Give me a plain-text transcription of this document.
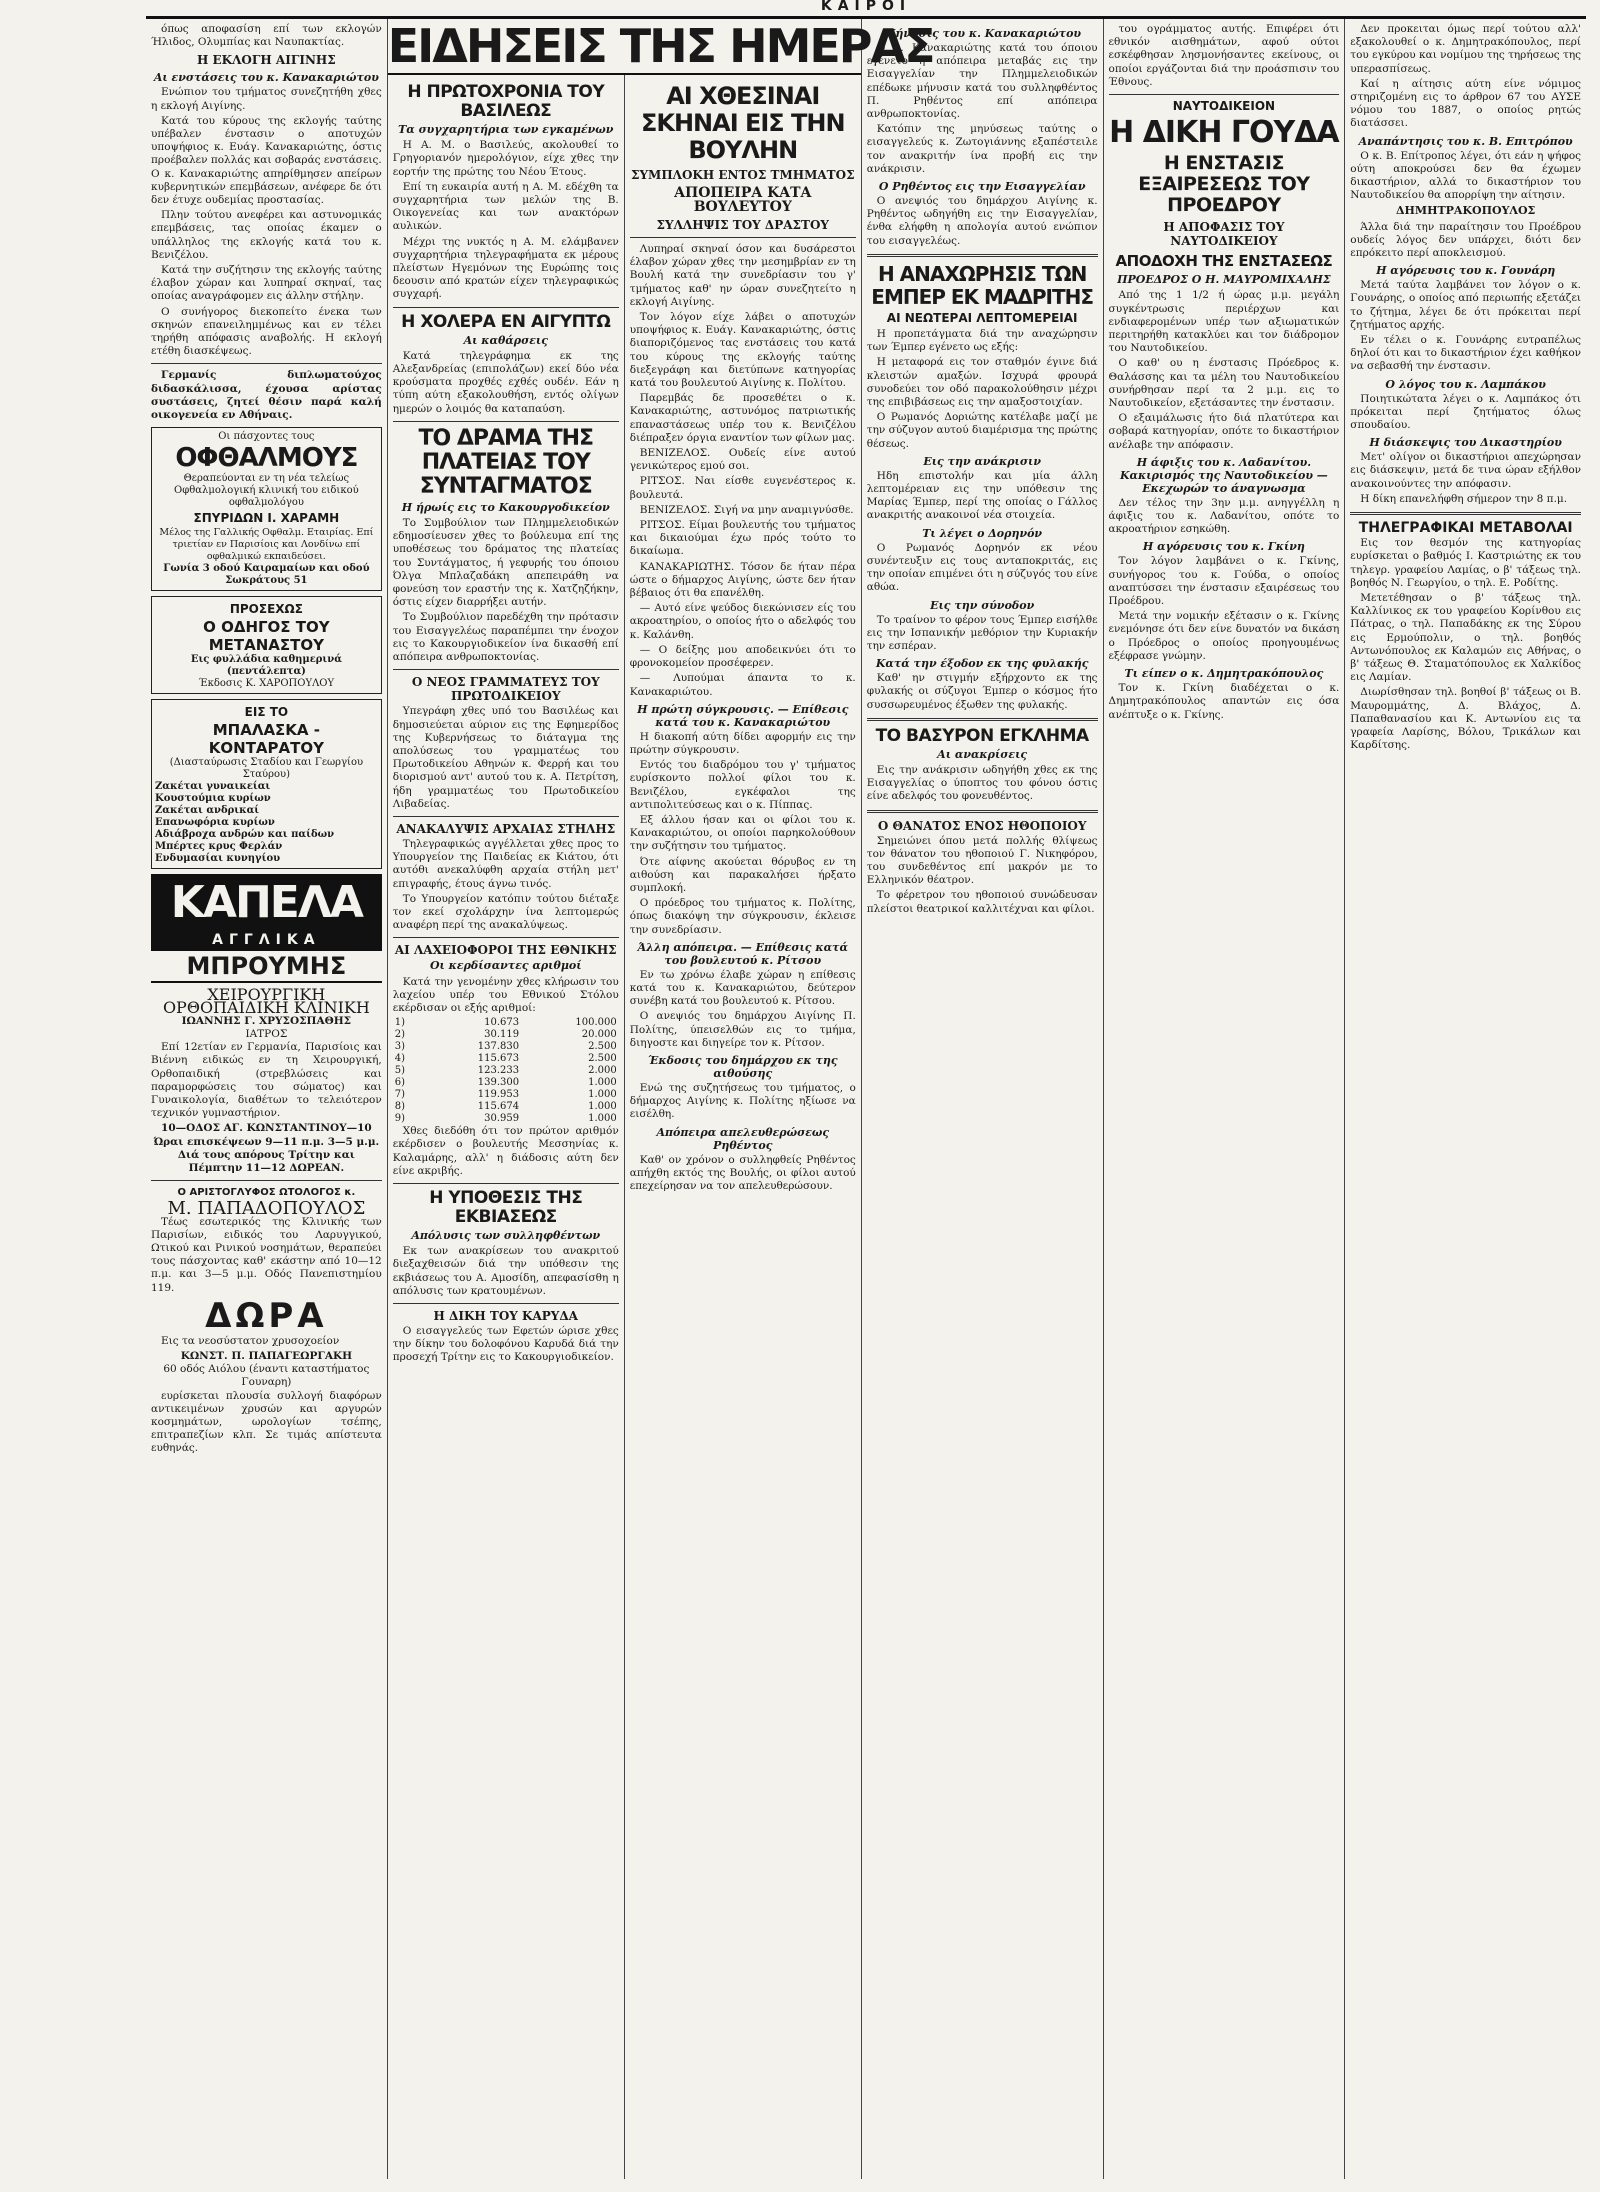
ΚΑΙΡΟΙ

όπως αποφασίση επί των εκλογών Ήλιδος, Ολυμπίας και Ναυπακτίας.

Η ΕΚΛΟΓΗ ΑΙΓΙΝΗΣ
Αι ενστάσεις του κ. Κανακαριώτου

Ενώπιον του τμήματος συνεζητήθη χθες η εκλογή Αιγίνης.

Κατά του κύρους της εκλογής ταύτης υπέβαλεν ένστασιν ο αποτυχών υποψήφιος κ. Ευάγ. Κανακαριώτης, όστις προέβαλεν πολλάς και σοβαράς ενστάσεις. Ο κ. Κανακαριώτης απηρίθμησεν απείρων κυβερνητικών επεμβάσεων, ανέφερε δε ότι δεν έτυχε ουδεμίας προστασίας.

Πλην τούτου ανεφέρει και αστυνομικάς επεμβάσεις, τας οποίας έκαμεν ο υπάλληλος της εκλογής κατά του κ. Βενιζέλου.

Κατά την συζήτησιν της εκλογής ταύτης έλαβον χώραν και λυπηραί σκηναί, τας οποίας αναγράφομεν εις άλλην στήλην.

Ο συνήγορος διεκοπείτο ένεκα των σκηνών επανειλημμένως και εν τέλει τηρήθη απόφασις αναβολής. Η εκλογή ετέθη διασκέψεως.

Γερμανίς διπλωματούχος διδασκάλισσα, έχουσα αρίστας συστάσεις, ζητεί θέσιν παρά καλή οικογενεία εν Αθήναις.

Οι πάσχοντες τους
ΟΦΘΑΛΜΟΥΣ
Θεραπεύονται εν τη νέα τελείως Οφθαλμολογική κλινική του ειδικού οφθαλμολόγου
ΣΠΥΡΙΔΩΝ Ι. ΧΑΡΑΜΗ
Μέλος της Γαλλικής Οφθαλμ. Εταιρίας. Επί τριετίαν εν Παρισίοις και Λονδίνω επί οφθαλμικώ εκπαιδεύσει.
Γωνία 3 οδού Καιραμαίων και οδού Σωκράτους 51
ΠΡΟΣΕΧΩΣ
Ο ΟΔΗΓΟΣ ΤΟΥ ΜΕΤΑΝΑΣΤΟΥ
Εις φυλλάδια καθημερινά (πεντάλεπτα)
Έκδοσις Κ. ΧΑΡΟΠΟΥΛΟΥ
ΕΙΣ ΤΟ
ΜΠΑΛΑΣΚΑ - ΚΟΝΤΑΡΑΤΟΥ
(Διασταύρωσις Σταδίου και Γεωργίου Σταύρου)
Ζακέται γυναικείαι
Κουστούμια κυρίων
Ζακέται ανδρικαί
Επανωφόρια κυρίων
Αδιάβροχα ανδρών και παίδων
Μπέρτες κρυς Φερλάν
Ενδυμασίαι κυνηγίου
ΚΑΠΕΛΑ
ΑΓΓΛΙΚΑ
ΜΠΡΟΥΜΗΣ
ΧΕΙΡΟΥΡΓΙΚΗ ΟΡΘΟΠΑΙΔΙΚΗ ΚΛΙΝΙΚΗ
ΙΩΑΝΝΗΣ Γ. ΧΡΥΣΟΣΠΑΘΗΣ
ΙΑΤΡΟΣ

Επί 12ετίαν εν Γερμανία, Παρισίοις και Βιέννη ειδικώς εν τη Χειρουργική, Ορθοπαιδική (στρεβλώσεις και παραμορφώσεις του σώματος) και Γυναικολογία, διαθέτων το τελειότερον τεχνικόν γυμναστήριον.

10—ΟΔΟΣ ΑΓ. ΚΩΝΣΤΑΝΤΙΝΟΥ—10
Ώραι επισκέψεων 9—11 π.μ. 3—5 μ.μ. Διά τους απόρους Τρίτην και Πέμπτην 11—12 ΔΩΡΕΑΝ.
Ο ΑΡΙΣΤΟΓΛΥΦΟΣ ΩΤΟΛΟΓΟΣ κ.
Μ. ΠΑΠΑΔΟΠΟΥΛΟΣ

Τέως εσωτερικός της Κλινικής των Παρισίων, ειδικός του Λαρυγγικού, Ωτικού και Ρινικού νοσημάτων, θεραπεύει τους πάσχοντας καθ' εκάστην από 10—12 π.μ. και 3—5 μ.μ. Οδός Πανεπιστημίου 119.

ΔΩΡΑ

Εις τα νεοσύστατον χρυσοχοείον

ΚΩΝΣΤ. Π. ΠΑΠΑΓΕΩΡΓΑΚΗ
60 οδός Αιόλου (έναντι καταστήματος Γουναρη)

ευρίσκεται πλουσία συλλογή διαφόρων αντικειμένων χρυσών και αργυρών κοσμημάτων, ωρολογίων τσέπης, επιτραπεζίων κλπ. Σε τιμάς απίστευτα ευθηνάς.

ΕΙΔΗΣΕΙΣ ΤΗΣ ΗΜΕΡΑΣ
Η ΠΡΩΤΟΧΡΟΝΙΑ ΤΟΥ ΒΑΣΙΛΕΩΣ
Τα συγχαρητήρια των εγκαμένων

Η Α. Μ. ο Βασιλεύς, ακολουθεί το Γρηγοριανόν ημερολόγιον, είχε χθες την εορτήν της πρώτης του Νέου Έτους.

Επί τη ευκαιρία αυτή η Α. Μ. εδέχθη τα συγχαρητήρια των μελών της Β. Οικογενείας και των ανακτόρων αυλικών.

Μέχρι της νυκτός η Α. Μ. ελάμβανεν συγχαρητήρια τηλεγραφήματα εκ μέρους πλείστων Ηγεμόνων της Ευρώπης τοις δεουσιν από κρατών είχεν τηλεγραφικώς συγχαρή.

Η ΧΟΛΕΡΑ ΕΝ ΑΙΓΥΠΤΩ
Αι καθάρσεις

Κατά τηλεγράφημα εκ της Αλεξανδρείας (επιπολάζων) εκεί δύο νέα κρούσματα προχθές εχθές ουδέν. Εάν η τύπη αύτη εξακολουθήση, εντός ολίγων ημερών ο λοιμός θα καταπαύση.

ΤΟ ΔΡΑΜΑ ΤΗΣ ΠΛΑΤΕΙΑΣ ΤΟΥ ΣΥΝΤΑΓΜΑΤΟΣ
Η ήρωίς εις το Κακουργοδικείον

Το Συμβούλιον των Πλημμελειοδικών εδημοσίευσεν χθες το βούλευμα επί της υποθέσεως του δράματος της πλατείας του Συντάγματος, ή γεφυρής του όποιου Όλγα Μπλαζαδάκη απεπειράθη να φονεύση τον εραστήν της κ. Χατζηζήκην, όστις είχεν διαρρήξει αυτήν.

Το Συμβούλιον παρεδέχθη την πρότασιν του Εισαγγελέως παραπέμπει την ένοχον εις το Κακουργιοδικείον ίνα δικασθή επί απόπειρα ανθρωποκτονίας.

Ο ΝΕΟΣ ΓΡΑΜΜΑΤΕΥΣ ΤΟΥ ΠΡΩΤΟΔΙΚΕΙΟΥ

Υπεγράφη χθες υπό του Βασιλέως και δημοσιεύεται αύριον εις της Εφημερίδος της Κυβερνήσεως το διάταγμα της απολύσεως του γραμματέως του Πρωτοδικείου Αθηνών κ. Φερρή και του διορισμού αντ' αυτού του κ. Α. Πετρίτση, ήδη γραμματέως του Πρωτοδικείου Λιβαδείας.

ΑΝΑΚΑΛΥΨΙΣ ΑΡΧΑΙΑΣ ΣΤΗΛΗΣ

Τηλεγραφικώς αγγέλλεται χθες προς το Υπουργείον της Παιδείας εκ Κιάτου, ότι αυτόθι ανεκαλύφθη αρχαία στήλη μετ' επιγραφής, έτους άγνω τινός.

Το Υπουργείον κατόπιν τούτου διέταξε τον εκεί σχολάρχην ίνα λεπτομερώς αναφέρη περί της ανακαλύψεως.

ΑΙ ΛΑΧΕΙΟΦΟΡΟΙ ΤΗΣ ΕΘΝΙΚΗΣ
Οι κερδίσαντες αριθμοί

Κατά την γενομένην χθες κλήρωσιν του λαχείου υπέρ του Εθνικού Στόλου εκέρδισαν οι εξής αριθμοί:

1)	10.673	100.000
2)	30.119	20.000
3)	137.830	2.500
4)	115.673	2.500
5)	123.233	2.000
6)	139.300	1.000
7)	119.953	1.000
8)	115.674	1.000
9)	30.959	1.000

Χθες διεδόθη ότι τον πρώτον αριθμόν εκέρδισεν ο βουλευτής Μεσσηνίας κ. Καλαμάρης, αλλ' η διάδοσις αύτη δεν είνε ακριβής.

Η ΥΠΟΘΕΣΙΣ ΤΗΣ ΕΚΒΙΑΣΕΩΣ
Απόλυσις των συλληφθέντων

Εκ των ανακρίσεων του ανακριτού διεξαχθεισών διά την υπόθεσιν της εκβιάσεως του Α. Αμοσίδη, απεφασίσθη η απόλυσις των κρατουμένων.

Η ΔΙΚΗ ΤΟΥ ΚΑΡΥΔΑ

Ο εισαγγελεύς των Εφετών ώρισε χθες την δίκην του δολοφόνου Καρυδά διά την προσεχή Τρίτην εις το Κακουργιοδικείον.

ΑΙ ΧΘΕΣΙΝΑΙ ΣΚΗΝΑΙ ΕΙΣ ΤΗΝ ΒΟΥΛΗΝ
ΣΥΜΠΛΟΚΗ ΕΝΤΟΣ ΤΜΗΜΑΤΟΣ
ΑΠΟΠΕΙΡΑ ΚΑΤΑ ΒΟΥΛΕΥΤΟΥ
ΣΥΛΛΗΨΙΣ ΤΟΥ ΔΡΑΣΤΟΥ

Λυπηραί σκηναί όσον και δυσάρεστοι έλαβον χώραν χθες την μεσημβρίαν εν τη Βουλή κατά την συνεδρίασιν του γ' τμήματος καθ' ην ώραν συνεζητείτο η εκλογή Αιγίνης.

Τον λόγον είχε λάβει ο αποτυχών υποψήφιος κ. Ευάγ. Κανακαριώτης, όστις διαποριζόμενος τας ενστάσεις του κατά του κύρους της εκλογής ταύτης διεξεγράφη και διετύπωνε κατηγορίας κατά του βουλευτού Αιγίνης κ. Πολίτου.

Παρεμβάς δε προσεθέτει ο κ. Κανακαριώτης, αστυνόμος πατριωτικής επαναστάσεως υπέρ του κ. Βενιζέλου διέπραξεν όργια εναντίον των φίλων μας.

ΒΕΝΙΖΕΛΟΣ. Ουδείς είνε αυτού γενικώτερος εμού σοι.

ΡΙΤΣΟΣ. Ναι είσθε ευγενέστερος κ. βουλευτά.

ΒΕΝΙΖΕΛΟΣ. Σιγή να μην αναμιγνύσθε.

ΡΙΤΣΟΣ. Είμαι βουλευτής του τμήματος και δικαιούμαι έχω πρός τούτο το δικαίωμα.

ΚΑΝΑΚΑΡΙΩΤΗΣ. Τόσον δε ήταν πέρα ώστε ο δήμαρχος Αιγίνης, ώστε δεν ήταν βέβαιος ότι θα επανέλθη.

— Αυτό είνε ψεύδος διεκώνισεν είς του ακροατηρίου, ο οποίος ήτο ο αδελφός του κ. Καλάνθη.

— Ο δείξης μου αποδεικνύει ότι το φρονοκομείον προσέφερεν.

— Λυπούμαι άπαντα το κ. Κανακαριώτου.

Η πρώτη σύγκρουσις. — Επίθεσις κατά του κ. Κανακαριώτου

Η διακοπή αύτη δίδει αφορμήν εις την πρώτην σύγκρουσιν.

Εντός του διαδρόμου του γ' τμήματος ευρίσκοντο πολλοί φίλοι του κ. Βενιζέλου, εγκέφαλοι της αντιπολιτεύσεως και ο κ. Πίππας.

Εξ άλλου ήσαν και οι φίλοι του κ. Κανακαριώτου, οι οποίοι παρηκολούθουν την συζήτησιν του τμήματος.

Ότε αίφνης ακούεται θόρυβος εν τη αιθούση και παρακαλήσει ήρξατο συμπλοκή.

Ο πρόεδρος του τμήματος κ. Πολίτης, όπως διακόψη την σύγκρουσιν, έκλεισε την συνεδρίασιν.

Άλλη απόπειρα. — Επίθεσις κατά του βουλευτού κ. Ρίτσου

Εν τω χρόνω έλαβε χώραν η επίθεσις κατά του κ. Κανακαριώτου, δεύτερον συνέβη κατά του βουλευτού κ. Ρίτσου.

Ο ανεψιός του δημάρχου Αιγίνης Π. Πολίτης, ύπεισελθών εις το τμήμα, διηγοστε και διηγείρε τον κ. Ρίτσον.

Έκδοσις του δημάρχου εκ της αιθούσης

Ενώ της συζητήσεως του τμήματος, ο δήμαρχος Αιγίνης κ. Πολίτης ηξίωσε να εισέλθη.

Απόπειρα απελευθερώσεως Ρηθέντος

Καθ' ον χρόνον ο συλληφθείς Ρηθέντος απήχθη εκτός της Βουλής, οι φίλοι αυτού επεχείρησαν να τον απελευθερώσουν.

Μήνυσις του κ. Κανακαριώτου

Ο κ. Κανακαριώτης κατά του όποιου εγένετο η απόπειρα μεταβάς εις την Εισαγγελίαν την Πλημμελειοδικών επέδωκε μήνυσιν κατά του συλληφθέντος Π. Ρηθέντος επί απόπειρα ανθρωποκτονίας.

Κατόπιν της μηνύσεως ταύτης ο εισαγγελεύς κ. Ζωτογιάννης εξαπέστειλε τον ανακριτήν ίνα προβή εις την ανάκρισιν.

Ο Ρηθέντος εις την Εισαγγελίαν

Ο ανεψιός του δημάρχου Αιγίνης κ. Ρηθέντος ωδηγήθη εις την Εισαγγελίαν, ένθα ελήφθη η απολογία αυτού ενώπιον του εισαγγελέως.

Η ΑΝΑΧΩΡΗΣΙΣ ΤΩΝ ΕΜΠΕΡ ΕΚ ΜΑΔΡΙΤΗΣ
ΑΙ ΝΕΩΤΕΡΑΙ ΛΕΠΤΟΜΕΡΕΙΑΙ

Η προπετάγματα διά την αναχώρησιν των Έμπερ εγένετο ως εξής:

Η μεταφορά εις τον σταθμόν έγινε διά κλειστών αμαξών. Ισχυρά φρουρά συνοδεύει τον οδό παρακολούθησιν μέχρι της επιβιβάσεως εις την αμαξοστοιχίαν.

Ο Ρωμανός Δοριώτης κατέλαβε μαζί με την σύζυγον αυτού διαμέρισμα της πρώτης θέσεως.

Εις την ανάκρισιν

Ηδη επιστολήν και μία άλλη λεπτομέρειαν εις την υπόθεσιν της Μαρίας Έμπερ, περί της οποίας ο Γάλλος ανακριτής ανακοινοί νέα στοιχεία.

Τι λέγει ο Δορηνόν

Ο Ρωμανός Δορηνόν εκ νέου συνέντευξιν εις τους ανταποκριτάς, εις την οποίαν επιμένει ότι η σύζυγός του είνε αθώα.

Εις την σύνοδον

Το τραίνον το φέρον τους Έμπερ εισήλθε εις την Ισπανικήν μεθόριον την Κυριακήν την εσπέραν.

Κατά την έξοδον εκ της φυλακής

Καθ' ην στιγμήν εξήρχοντο εκ της φυλακής οι σύζυγοι Έμπερ ο κόσμος ήτο συσσωρευμένος έξωθεν της φυλακής.

ΤΟ ΒΑΣΥΡΟΝ ΕΓΚΛΗΜΑ
Αι ανακρίσεις

Εις την ανάκρισιν ωδηγήθη χθες εκ της Εισαγγελίας ο ύποπτος του φόνου όστις είνε αδελφός του φονευθέντος.

Ο ΘΑΝΑΤΟΣ ΕΝΟΣ ΗΘΟΠΟΙΟΥ

Σημειώνει όπου μετά πολλής θλίψεως τον θάνατον του ηθοποιού Γ. Νικηφόρου, του συνδεθέντος επί μακρόν με το Ελληνικόν θέατρον.

Το φέρετρον του ηθοποιού συνώδευσαν πλείστοι θεατρικοί καλλιτέχναι και φίλοι.

του ογράμματος αυτής. Επιφέρει ότι εθνικόν αισθημάτων, αφού ούτοι εσκέφθησαν λησμονήσαντες εκείνους, οι οποίοι εργάζονται διά την προάσπισιν του Έθνους.

ΝΑΥΤΟΔΙΚΕΙΟΝ
Η ΔΙΚΗ ΓΟΥΔΑ
Η ΕΝΣΤΑΣΙΣ ΕΞΑΙΡΕΣΕΩΣ ΤΟΥ ΠΡΟΕΔΡΟΥ
Η ΑΠΟΦΑΣΙΣ ΤΟΥ ΝΑΥΤΟΔΙΚΕΙΟΥ
ΑΠΟΔΟΧΗ ΤΗΣ ΕΝΣΤΑΣΕΩΣ
ΠΡΟΕΔΡΟΣ Ο Η. ΜΑΥΡΟΜΙΧΑΛΗΣ

Από της 1 1/2 ή ώρας μ.μ. μεγάλη συγκέντρωσις περιέρχων και ενδιαφερομένων υπέρ των αξιωματικών περιτηρήθη κατακλύει και τον διάδρομον του Ναυτοδικείου.

Ο καθ' ου η ένστασις Πρόεδρος κ. Θαλάσσης και τα μέλη του Ναυτοδικείου συνήρθησαν περί τα 2 μ.μ. εις το Ναυτοδικείον, εξετάσαντες την ένστασιν.

Ο εξαιμάλωσις ήτο διά πλατύτερα και σοβαρά κατηγορίαν, οπότε το δικαστήριον ανέλαβε την απόφασιν.

Η άφιξις του κ. Λαδανίτου. Κακιρισμός της Ναυτοδικείου — Εκεχωρών το άναγνωσμα

Δεν τέλος την 3ην μ.μ. ανηγγέλλη η άφιξις του κ. Λαδανίτου, οπότε το ακροατήριον εσηκώθη.

Η αγόρευσις του κ. Γκίνη

Τον λόγον λαμβάνει ο κ. Γκίνης, συνήγορος του κ. Γούδα, ο οποίος αναπτύσσει την ένστασιν εξαιρέσεως του Προέδρου.

Μετά την νομικήν εξέτασιν ο κ. Γκίνης ενεμόνησε ότι δεν είνε δυνατόν να δικάση ο Πρόεδρος ο οποίος προηγουμένως εξέφρασε γνώμην.

Τι είπεν ο κ. Δημητρακόπουλος

Τον κ. Γκίνη διαδέχεται ο κ. Δημητρακόπουλος απαντών εις όσα ανέπτυξε ο κ. Γκίνης.

Δεν προκειται όμως περί τούτου αλλ' εξακολουθεί ο κ. Δημητρακόπουλος, περί του εγκύρου και νομίμου της τηρήσεως της υπερασπίσεως.

Καί η αίτησις αύτη είνε νόμιμος στηριζομένη εις το άρθρον 67 του ΑΥΣΕ νόμου του 1887, ο οποίος ρητώς διατάσσει.

Αναπάντησις του κ. Β. Επιτρόπου

Ο κ. Β. Επίτροπος λέγει, ότι εάν η ψήφος ούτη αποκρούσει δεν θα έχωμεν δικαστήριον, αλλά το δικαστήριον του Ναυτοδικείου θα απορρίψη την αίτησιν.

ΔΗΜΗΤΡΑΚΟΠΟΥΛΟΣ

Άλλα διά την παραίτησιν του Προέδρου ουδείς λόγος δεν υπάρχει, διότι δεν επρόκειτο περί αποκλεισμού.

Η αγόρευσις του κ. Γουνάρη

Μετά ταύτα λαμβάνει τον λόγον ο κ. Γουνάρης, ο οποίος από περιωπής εξετάζει το ζήτημα, λέγει δε ότι πρόκειται περί ζητήματος αρχής.

Εν τέλει ο κ. Γουνάρης ευτραπέλως δηλοί ότι και το δικαστήριον έχει καθήκον να σεβασθή την ένστασιν.

Ο λόγος του κ. Λαμπάκου

Ποιητικώτατα λέγει ο κ. Λαμπάκος ότι πρόκειται περί ζητήματος όλως σπουδαίου.

Η διάσκεψις του Δικαστηρίου

Μετ' ολίγον οι δικαστήριοι απεχώρησαν εις διάσκεψιν, μετά δε τινα ώραν εξήλθον ανακοινούντες την απόφασιν.

Η δίκη επανελήφθη σήμερον την 8 π.μ.

ΤΗΛΕΓΡΑΦΙΚΑΙ ΜΕΤΑΒΟΛΑΙ

Εις τον θεσμόν της κατηγορίας ευρίσκεται ο βαθμός Ι. Καστριώτης εκ του τηλεγρ. γραφείου Λαμίας, ο β' τάξεως τηλ. βοηθός Ν. Γεωργίου, ο τηλ. Ε. Ροδίτης.

Μετετέθησαν ο β' τάξεως τηλ. Καλλίνικος εκ του γραφείου Κορίνθου εις Πάτρας, ο τηλ. Παπαδάκης εκ της Σύρου εις Ερμούπολιν, ο τηλ. βοηθός Αντωνόπουλος εκ Καλαμών εις Αθήνας, ο β' τάξεως Θ. Σταματόπουλος εκ Χαλκίδος εις Λαμίαν.

Διωρίσθησαν τηλ. βοηθοί β' τάξεως οι Β. Μαυρομμάτης, Δ. Βλάχος, Δ. Παπαθανασίου και Κ. Αντωνίου εις τα γραφεία Λαρίσης, Βόλου, Τρικάλων και Καρδίτσης.
